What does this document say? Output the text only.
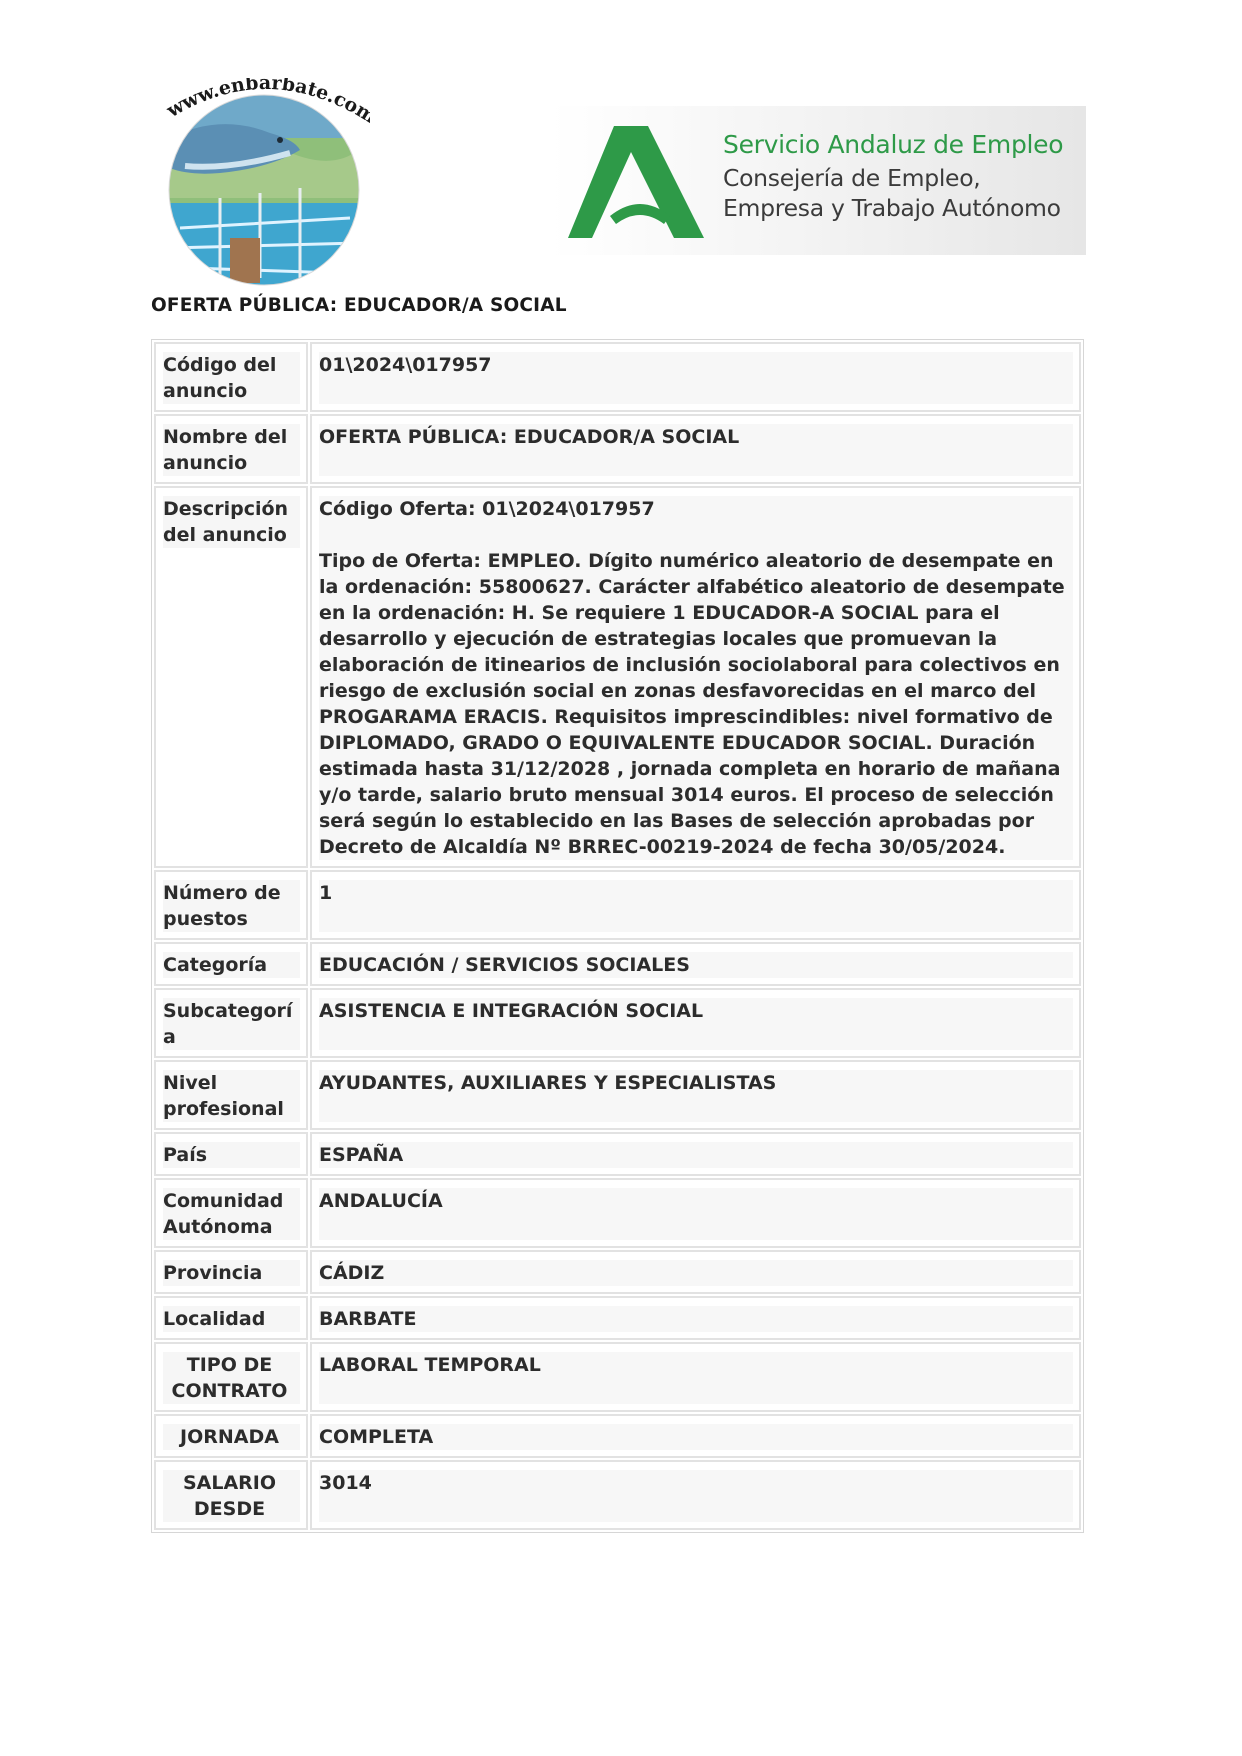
www.enbarbate.co
Servicio Andaluz de Empleo
Consejería de Empleo,
Empresa y Trabajo Autónomo
OFERTA PÚBLICA: EDUCADOR/A SOCIAL
Código del anuncio	01\2024\017957

Nombre del anuncio	OFERTA PÚBLICA: EDUCADOR/A SOCIAL

Descripción del anuncio	Código Oferta: 01\2024\017957

Tipo de Oferta: EMPLEO. Dígito numérico aleatorio de desempate en la ordenación: 55800627. Carácter alfabético aleatorio de desempate en la ordenación: H. Se requiere 1 EDUCADOR-A SOCIAL para el desarrollo y ejecución de estrategias locales que promuevan la elaboración de itinearios de inclusión sociolaboral para colectivos en riesgo de exclusión social en zonas desfavorecidas en el marco del PROGARAMA ERACIS. Requisitos imprescindibles: nivel formativo de DIPLOMADO, GRADO O EQUIVALENTE EDUCADOR SOCIAL. Duración estimada hasta 31/12/2028 , jornada completa en horario de mañana y/o tarde, salario bruto mensual 3014 euros. El proceso de selección será según lo establecido en las Bases de selección aprobadas por Decreto de Alcaldía Nº BRREC-00219-2024 de fecha 30/05/2024.

Número de puestos	1

Categoría	EDUCACIÓN / SERVICIOS SOCIALES

Subcategoría	ASISTENCIA E INTEGRACIÓN SOCIAL

Nivel profesional	AYUDANTES, AUXILIARES Y ESPECIALISTAS

País	ESPAÑA

Comunidad Autónoma	ANDALUCÍA

Provincia	CÁDIZ

Localidad	BARBATE

TIPO DE CONTRATO	LABORAL TEMPORAL

JORNADA	COMPLETA

SALARIO DESDE	3014
